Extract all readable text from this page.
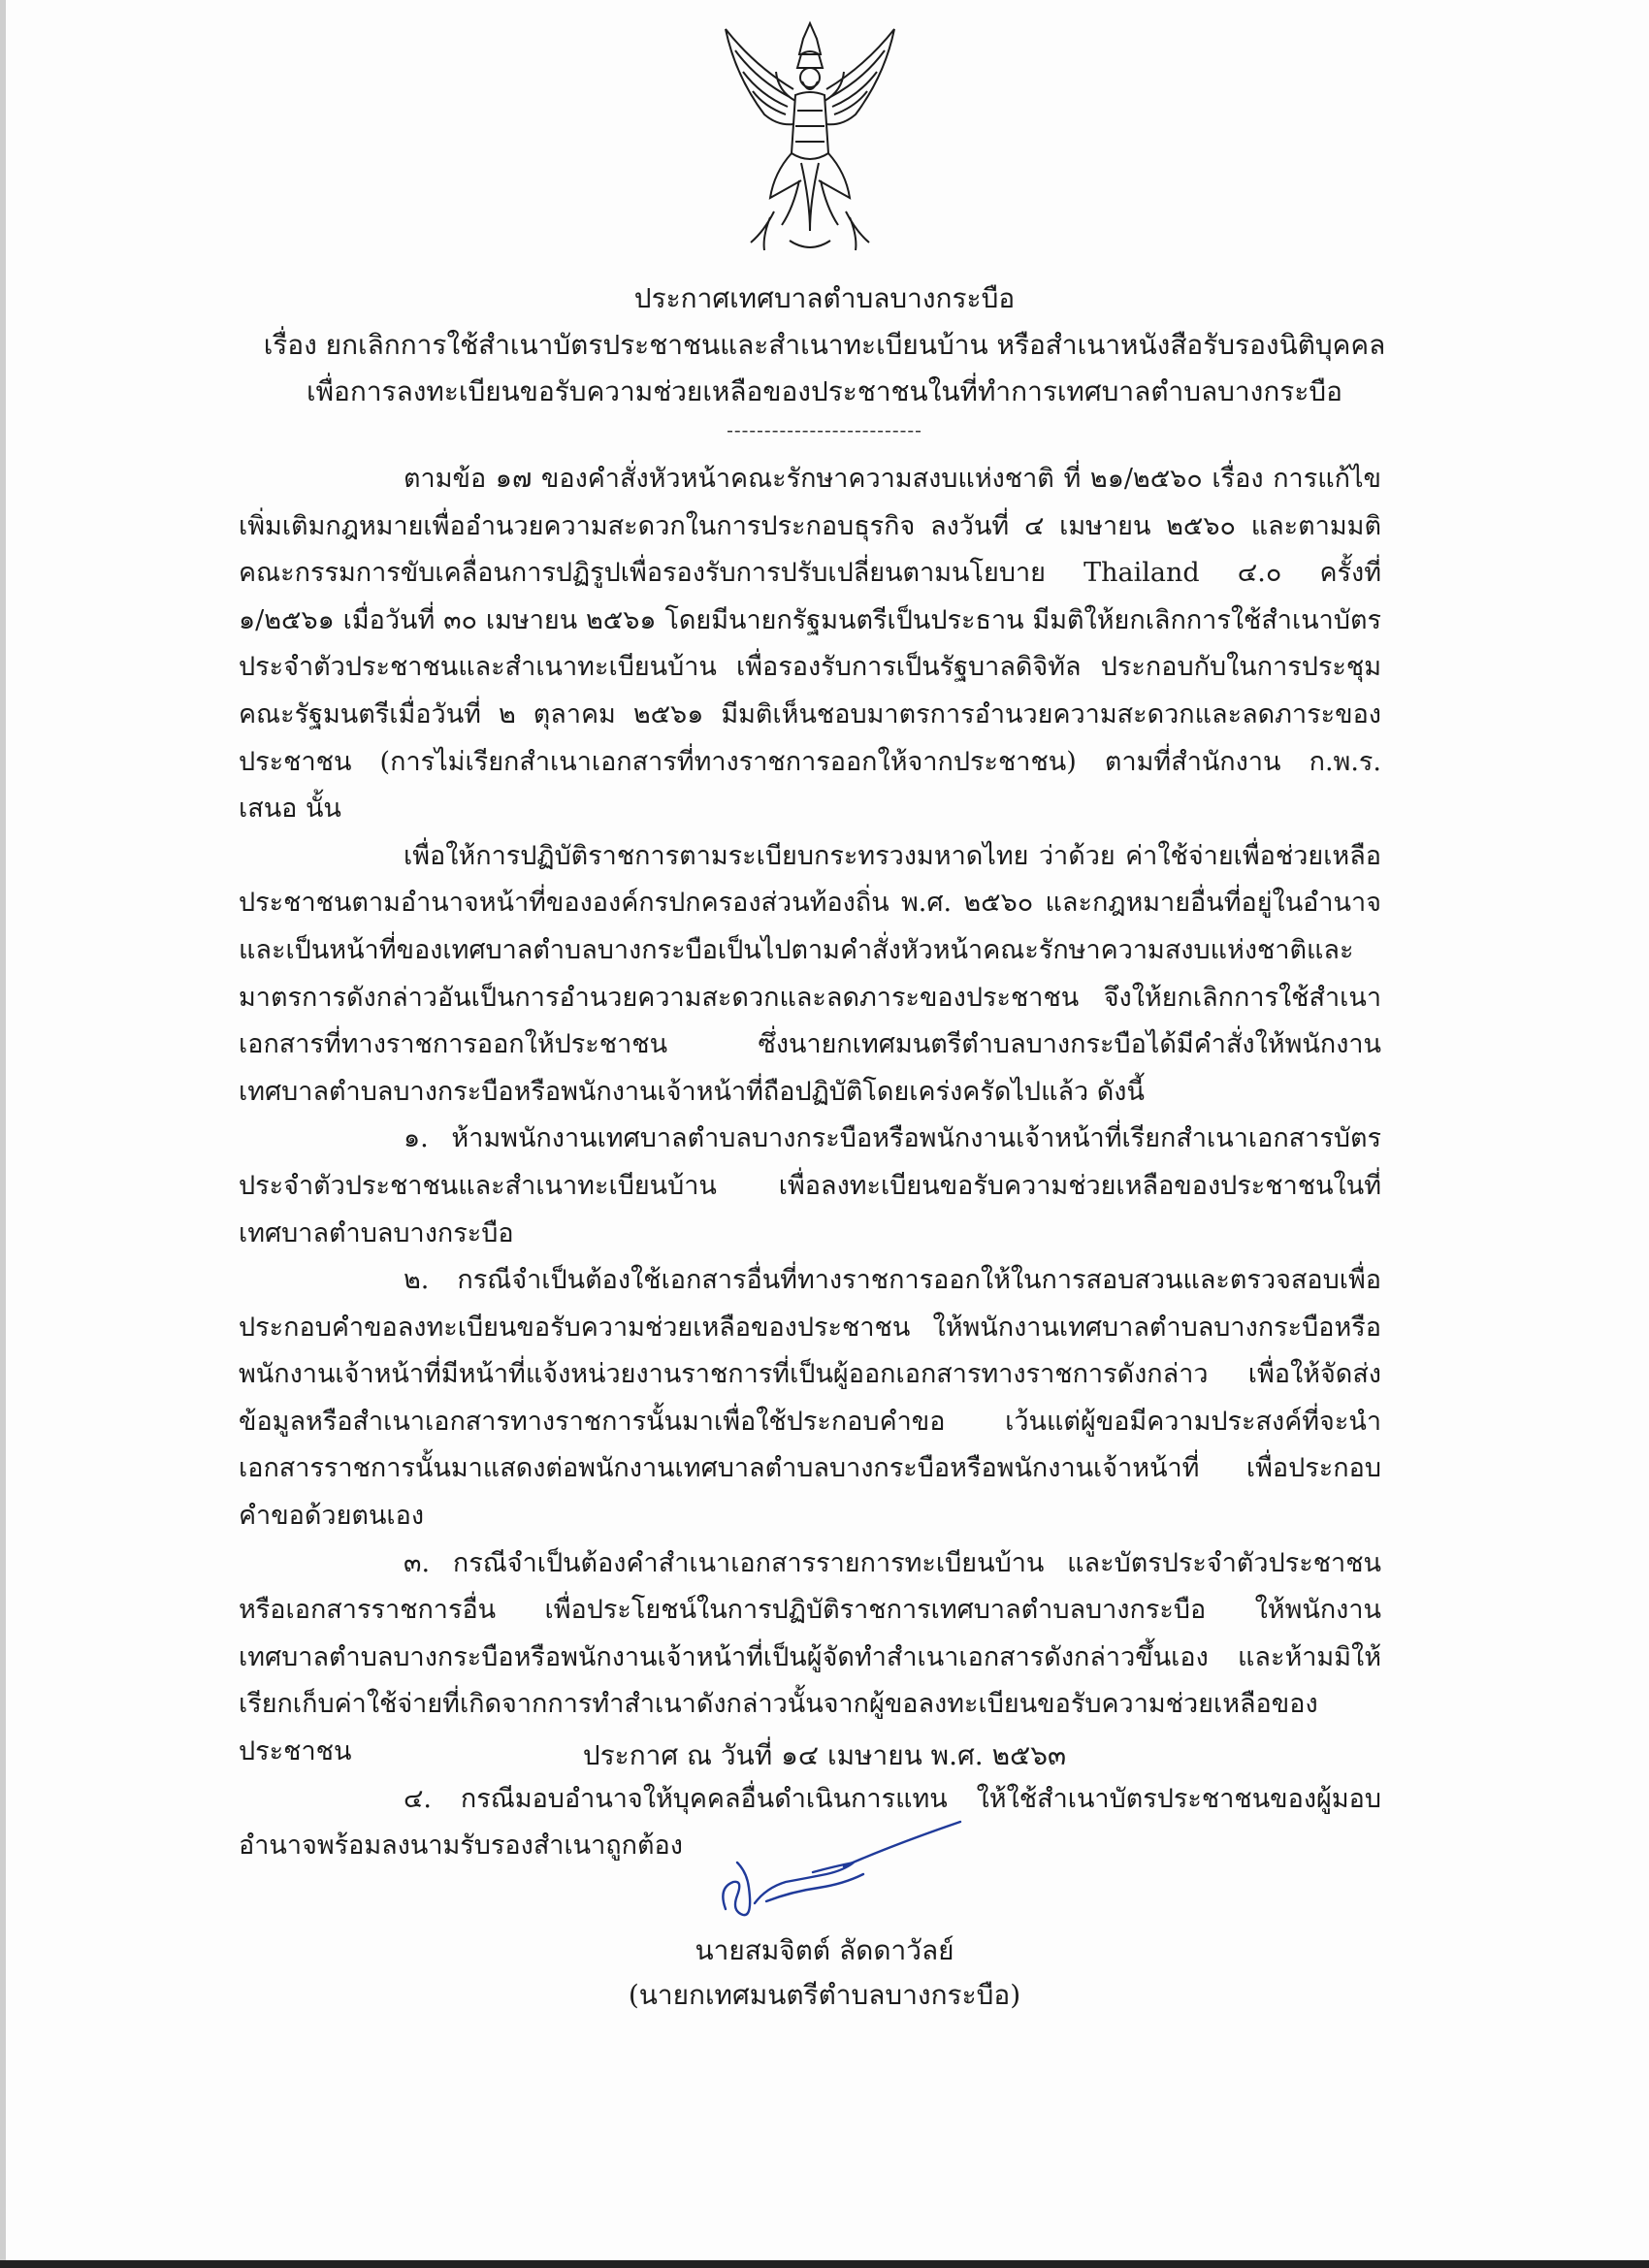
ประกาศเทศบาลตำบลบางกระบือ
เรื่อง ยกเลิกการใช้สำเนาบัตรประชาชนและสำเนาทะเบียนบ้าน หรือสำเนาหนังสือรับรองนิติบุคคล
เพื่อการลงทะเบียนขอรับความช่วยเหลือของประชาชนในที่ทำการเทศบาลตำบลบางกระบือ
--------------------------

ตามข้อ ๑๗ ของคำสั่งหัวหน้าคณะรักษาความสงบแห่งชาติ ที่ ๒๑/๒๕๖๐ เรื่อง การแก้ไขเพิ่มเติมกฎหมายเพื่ออำนวยความสะดวกในการประกอบธุรกิจ ลงวันที่ ๔ เมษายน ๒๕๖๐ และตามมติคณะกรรมการขับเคลื่อนการปฏิรูปเพื่อรองรับการปรับเปลี่ยนตามนโยบาย Thailand ๔.๐ ครั้งที่ ๑/๒๕๖๑ เมื่อวันที่ ๓๐ เมษายน ๒๕๖๑ โดยมีนายกรัฐมนตรีเป็นประธาน มีมติให้ยกเลิกการใช้สำเนาบัตรประจำตัวประชาชนและสำเนาทะเบียนบ้าน เพื่อรองรับการเป็นรัฐบาลดิจิทัล ประกอบกับในการประชุมคณะรัฐมนตรีเมื่อวันที่ ๒ ตุลาคม ๒๕๖๑ มีมติเห็นชอบมาตรการอำนวยความสะดวกและลดภาระของประชาชน (การไม่เรียกสำเนาเอกสารที่ทางราชการออกให้จากประชาชน) ตามที่สำนักงาน ก.พ.ร. เสนอ นั้น

เพื่อให้การปฏิบัติราชการตามระเบียบกระทรวงมหาดไทย ว่าด้วย ค่าใช้จ่ายเพื่อช่วยเหลือประชาชนตามอำนาจหน้าที่ขององค์กรปกครองส่วนท้องถิ่น พ.ศ. ๒๕๖๐ และกฎหมายอื่นที่อยู่ในอำนาจและเป็นหน้าที่ของเทศบาลตำบลบางกระบือเป็นไปตามคำสั่งหัวหน้าคณะรักษาความสงบแห่งชาติและมาตรการดังกล่าวอันเป็นการอำนวยความสะดวกและลดภาระของประชาชน จึงให้ยกเลิกการใช้สำเนาเอกสารที่ทางราชการออกให้ประชาชน ซึ่งนายกเทศมนตรีตำบลบางกระบือได้มีคำสั่งให้พนักงานเทศบาลตำบลบางกระบือหรือพนักงานเจ้าหน้าที่ถือปฏิบัติโดยเคร่งครัดไปแล้ว ดังนี้

๑. ห้ามพนักงานเทศบาลตำบลบางกระบือหรือพนักงานเจ้าหน้าที่เรียกสำเนาเอกสารบัตรประจำตัวประชาชนและสำเนาทะเบียนบ้าน เพื่อลงทะเบียนขอรับความช่วยเหลือของประชาชนในที่เทศบาลตำบลบางกระบือ

๒. กรณีจำเป็นต้องใช้เอกสารอื่นที่ทางราชการออกให้ในการสอบสวนและตรวจสอบเพื่อประกอบคำขอลงทะเบียนขอรับความช่วยเหลือของประชาชน ให้พนักงานเทศบาลตำบลบางกระบือหรือพนักงานเจ้าหน้าที่มีหน้าที่แจ้งหน่วยงานราชการที่เป็นผู้ออกเอกสารทางราชการดังกล่าว เพื่อให้จัดส่งข้อมูลหรือสำเนาเอกสารทางราชการนั้นมาเพื่อใช้ประกอบคำขอ เว้นแต่ผู้ขอมีความประสงค์ที่จะนำเอกสารราชการนั้นมาแสดงต่อพนักงานเทศบาลตำบลบางกระบือหรือพนักงานเจ้าหน้าที่ เพื่อประกอบคำขอด้วยตนเอง

๓. กรณีจำเป็นต้องคำสำเนาเอกสารรายการทะเบียนบ้าน และบัตรประจำตัวประชาชนหรือเอกสารราชการอื่น เพื่อประโยชน์ในการปฏิบัติราชการเทศบาลตำบลบางกระบือ ให้พนักงานเทศบาลตำบลบางกระบือหรือพนักงานเจ้าหน้าที่เป็นผู้จัดทำสำเนาเอกสารดังกล่าวขึ้นเอง และห้ามมิให้เรียกเก็บค่าใช้จ่ายที่เกิดจากการทำสำเนาดังกล่าวนั้นจากผู้ขอลงทะเบียนขอรับความช่วยเหลือของประชาชน

๔. กรณีมอบอำนาจให้บุคคลอื่นดำเนินการแทน ให้ใช้สำเนาบัตรประชาชนของผู้มอบอำนาจพร้อมลงนามรับรองสำเนาถูกต้อง

ประกาศ ณ วันที่ ๑๔ เมษายน พ.ศ. ๒๕๖๓
นายสมจิตต์ ลัดดาวัลย์
(นายกเทศมนตรีตำบลบางกระบือ)
